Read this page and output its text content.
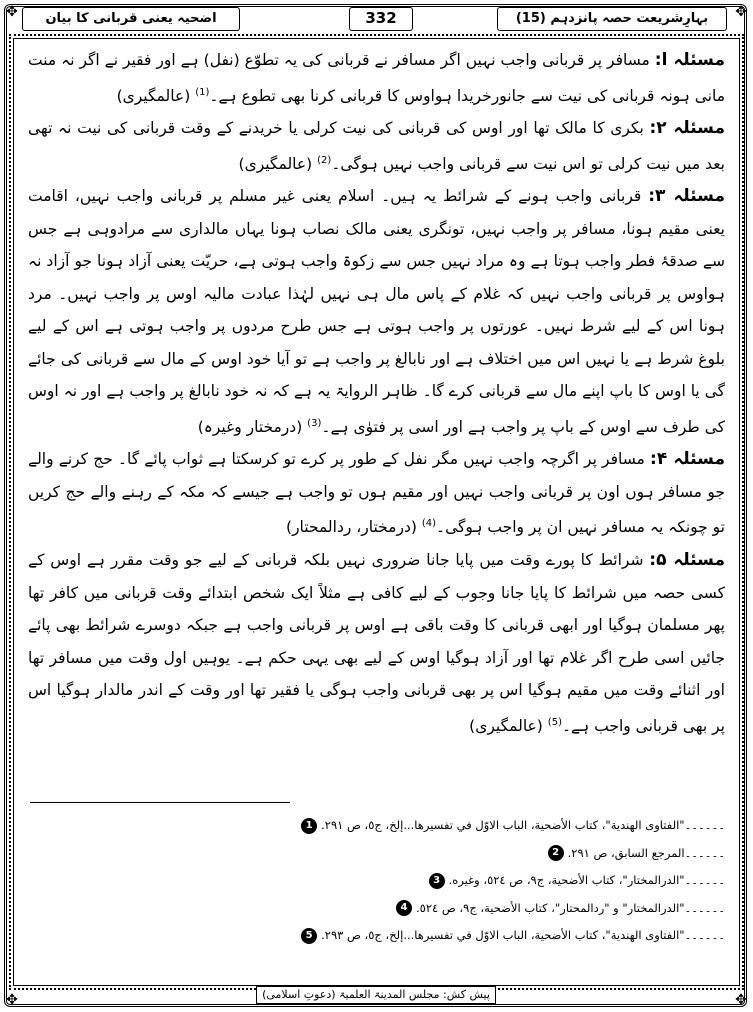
✥	✥
✥	✥
بہارِشریعت حصہ پانزدہم (15)
332
اضحیہ یعنی قربانی کا بیان

مسئلہ ا: مسافر پر قربانی واجب نہیں اگر مسافر نے قربانی کی یہ تطوّع (نفل) ہے اور فقیر نے اگر نہ منت مانی ہونہ قربانی کی نیت سے جانورخریدا ہواوس کا قربانی کرنا بھی تطوع ہے۔$^{(1)}$ (عالمگیری)

مسئلہ ۲: بکری کا مالک تھا اور اوس کی قربانی کی نیت کرلی یا خریدنے کے وقت قربانی کی نیت نہ تھی بعد میں نیت کرلی تو اس نیت سے قربانی واجب نہیں ہوگی۔$^{(2)}$ (عالمگیری)

مسئلہ ۳: قربانی واجب ہونے کے شرائط یہ ہیں۔ اسلام یعنی غیر مسلم پر قربانی واجب نہیں، اقامت یعنی مقیم ہونا، مسافر پر واجب نہیں، تونگری یعنی مالک نصاب ہونا یہاں مالداری سے مرادوہی ہے جس سے صدقۂ فطر واجب ہوتا ہے وہ مراد نہیں جس سے زکوۃ واجب ہوتی ہے، حریّت یعنی آزاد ہونا جو آزاد نہ ہواوس پر قربانی واجب نہیں کہ غلام کے پاس مال ہی نہیں لہٰذا عبادت مالیہ اوس پر واجب نہیں۔ مرد ہونا اس کے لیے شرط نہیں۔ عورتوں پر واجب ہوتی ہے جس طرح مردوں پر واجب ہوتی ہے اس کے لیے بلوغ شرط ہے یا نہیں اس میں اختلاف ہے اور نابالغ پر واجب ہے تو آیا خود اوس کے مال سے قربانی کی جائے گی یا اوس کا باپ اپنے مال سے قربانی کرے گا۔ ظاہر الروایۃ یہ ہے کہ نہ خود نابالغ پر واجب ہے اور نہ اوس کی طرف سے اوس کے باپ پر واجب ہے اور اسی پر فتوٰی ہے۔$^{(3)}$ (درمختار وغیرہ)

مسئلہ ۴: مسافر پر اگرچہ واجب نہیں مگر نفل کے طور پر کرے تو کرسکتا ہے ثواب پائے گا۔ حج کرنے والے جو مسافر ہوں اون پر قربانی واجب نہیں اور مقیم ہوں تو واجب ہے جیسے کہ مکہ کے رہنے والے حج کریں تو چونکہ یہ مسافر نہیں ان پر واجب ہوگی۔$^{(4)}$ (درمختار، ردالمحتار)

مسئلہ ۵: شرائط کا پورے وقت میں پایا جانا ضروری نہیں بلکہ قربانی کے لیے جو وقت مقرر ہے اوس کے کسی حصہ میں شرائط کا پایا جانا وجوب کے لیے کافی ہے مثلاً ایک شخص ابتدائے وقت قربانی میں کافر تھا پھر مسلمان ہوگیا اور ابھی قربانی کا وقت باقی ہے اوس پر قربانی واجب ہے جبکہ دوسرے شرائط بھی پائے جائیں اسی طرح اگر غلام تھا اور آزاد ہوگیا اوس کے لیے بھی یہی حکم ہے۔ یوہیں اول وقت میں مسافر تھا اور اثنائے وقت میں مقیم ہوگیا اس پر بھی قربانی واجب ہوگی یا فقیر تھا اور وقت کے اندر مالدار ہوگیا اس پر بھی قربانی واجب ہے۔$^{(5)}$ (عالمگیری)

1 ۔۔۔۔۔۔"الفتاوى الهندية"، كتاب الأضحية، الباب الاوّل في تفسيرها...إلخ، ج٥، ص ٢٩١.
2 ۔۔۔۔۔۔المرجع السابق، ص ٢٩١.
3 ۔۔۔۔۔۔"الدرالمختار"، كتاب الأضحية، ج٩، ص ٥٢٤، وغيره.
4 ۔۔۔۔۔۔"الدرالمختار" و "ردالمحتار"، كتاب الأضحية، ج٩، ص ٥٢٤.
5 ۔۔۔۔۔۔"الفتاوى الهندية"، كتاب الأضحية، الباب الاوّل في تفسيرها...إلخ، ج٥، ص ٢٩٣.
پیش کش: مجلس المدینۃ العلمیۃ (دعوتِ اسلامی)
